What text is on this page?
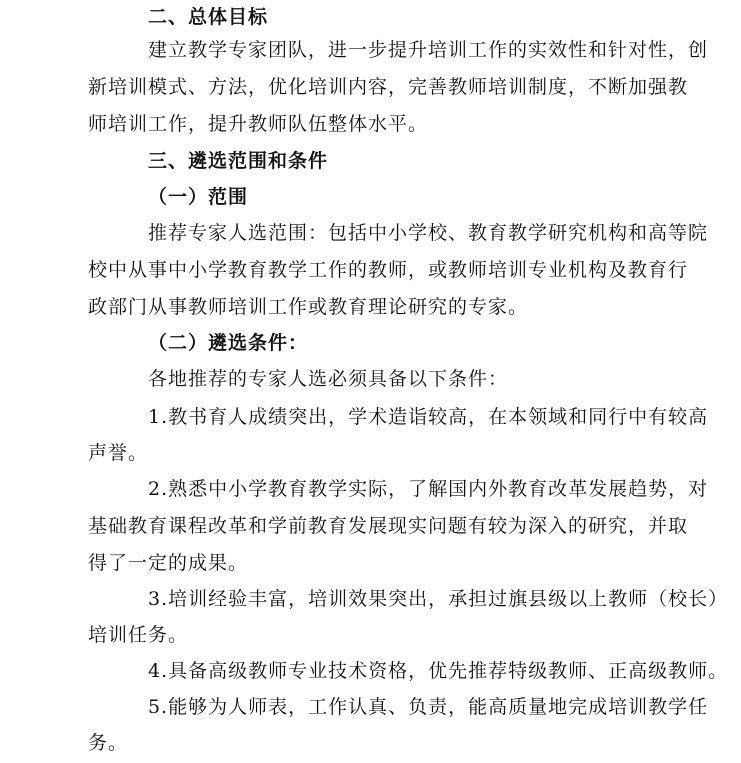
二、总体目标
建立教学专家团队，进一步提升培训工作的实效性和针对性，创
新培训模式、方法，优化培训内容，完善教师培训制度，不断加强教
师培训工作，提升教师队伍整体水平。
三、遴选范围和条件
（一）范围
推荐专家人选范围：包括中小学校、教育教学研究机构和高等院
校中从事中小学教育教学工作的教师，或教师培训专业机构及教育行
政部门从事教师培训工作或教育理论研究的专家。
（二）遴选条件：
各地推荐的专家人选必须具备以下条件：
1.教书育人成绩突出，学术造诣较高，在本领域和同行中有较高
声誉。
2.熟悉中小学教育教学实际，了解国内外教育改革发展趋势，对
基础教育课程改革和学前教育发展现实问题有较为深入的研究，并取
得了一定的成果。
3.培训经验丰富，培训效果突出，承担过旗县级以上教师（校长）
培训任务。
4.具备高级教师专业技术资格，优先推荐特级教师、正高级教师。
5.能够为人师表，工作认真、负责，能高质量地完成培训教学任
务。
